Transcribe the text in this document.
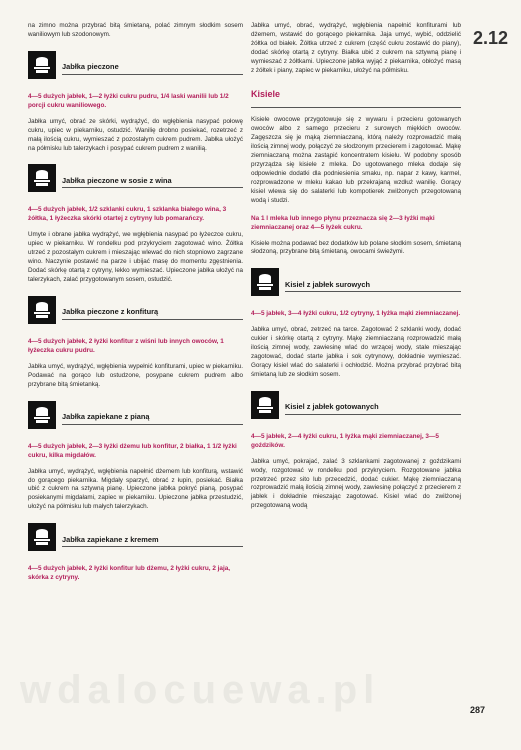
2.12

na zimno można przybrać bitą śmietaną, polać zimnym słodkim sosem waniliowym lub szodonowym.

Jabłka pieczone

4—5 dużych jabłek, 1—2 łyżki cukru pudru, 1/4 laski wanilii lub 1/2 porcji cukru waniliowego.

Jabłka umyć, obrać ze skórki, wydrążyć, do wgłębienia nasypać połowę cukru, upiec w piekarniku, ostudzić. Wanilię drobno posiekać, rozetrzeć z małą ilością cukru, wymieszać z pozostałym cukrem pudrem. Jabłka ułożyć na półmisku lub talerzykach i posypać cukrem pudrem z wanilią.

Jabłka pieczone w sosie z wina

4—5 dużych jabłek, 1/2 szklanki cukru, 1 szklanka białego wina, 3 żółtka, 1 łyżeczka skórki otartej z cytryny lub pomarańczy.

Umyte i obrane jabłka wydrążyć, we wgłębienia nasypać po łyżeczce cukru, upiec w piekarniku. W rondelku pod przykryciem zagotować wino. Żółtka utrzeć z pozostałym cukrem i mieszając wlewać do nich stopniowo zagrzane wino. Naczynie postawić na parze i ubijać masę do momentu zgęstnienia. Dodać skórkę otartą z cytryny, lekko wymieszać. Upieczone jabłka ułożyć na talerzykach, zalać przygotowanym sosem, ostudzić.

Jabłka pieczone z konfiturą

4—5 dużych jabłek, 2 łyżki konfitur z wiśni lub innych owoców, 1 łyżeczka cukru pudru.

Jabłka umyć, wydrążyć, wgłębienia wypełnić konfiturami, upiec w piekarniku. Podawać na gorąco lub ostudzone, posypane cukrem pudrem albo przybrane bitą śmietanką.

Jabłka zapiekane z pianą

4—5 dużych jabłek, 2—3 łyżki dżemu lub konfitur, 2 białka, 1 1/2 łyżki cukru, kilka migdałów.

Jabłka umyć, wydrążyć, wgłębienia napełnić dżemem lub konfiturą, wstawić do gorącego piekarnika. Migdały sparzyć, obrać z łupin, posiekać. Białka ubić z cukrem na sztywną pianę. Upieczone jabłka pokryć pianą, posypać posiekanymi migdałami, zapiec w piekarniku. Upieczone jabłka przestudzić, ułożyć na półmisku lub małych talerzykach.

Jabłka zapiekane z kremem

4—5 dużych jabłek, 2 łyżki konfitur lub dżemu, 2 łyżki cukru, 2 jaja, skórka z cytryny.

Jabłka umyć, obrać, wydrążyć, wgłębienia napełnić konfiturami lub dżemem, wstawić do gorącego piekarnika. Jaja umyć, wybić, oddzielić żółtka od białek. Żółtka utrzeć z cukrem (część cukru zostawić do piany), dodać skórkę otartą z cytryny. Białka ubić z cukrem na sztywną pianę i wymieszać z żółtkami. Upieczone jabłka wyjąć z piekarnika, obłożyć masą z żółtek i piany, zapiec w piekarniku, ułożyć na półmisku.

Kisiele

Kisiele owocowe przygotowuje się z wywaru i przecieru gotowanych owoców albo z samego przecieru z surowych miękkich owoców. Zagęszcza się je mąką ziemniaczaną, którą należy rozprowadzić małą ilością zimnej wody, połączyć ze słodzonym przecierem i zagotować. Mąkę ziemniaczaną można zastąpić koncentratem kisielu. W podobny sposób przyrządza się kisiele z mleka. Do ugotowanego mleka dodaje się odpowiednie dodatki dla podniesienia smaku, np. napar z kawy, karmel, rozprowadzone w mleku kakao lub przekrajaną wzdłuż wanilię. Gorący kisiel wlewa się do salaterki lub kompotierek zwilżonych przegotowaną wodą i studzi.

Na 1 l mleka lub innego płynu przeznacza się 2—3 łyżki mąki ziemniaczanej oraz 4—5 łyżek cukru.

Kisiele można podawać bez dodatków lub polane słodkim sosem, śmietaną słodzoną, przybrane bitą śmietaną, owocami świeżymi.

Kisiel z jabłek surowych

4—5 jabłek, 3—4 łyżki cukru, 1/2 cytryny, 1 łyżka mąki ziemniaczanej.

Jabłka umyć, obrać, zetrzeć na tarce. Zagotować 2 szklanki wody, dodać cukier i skórkę otartą z cytryny. Mąkę ziemniaczaną rozprowadzić małą ilością zimnej wody, zawiesinę wlać do wrzącej wody, stale mieszając zagotować, dodać starte jabłka i sok cytrynowy, dokładnie wymieszać. Gorący kisiel wlać do salaterki i ochłodzić. Można przybrać przybrać bitą śmietaną lub ze słodkim sosem.

Kisiel z jabłek gotowanych

4—5 jabłek, 2—4 łyżki cukru, 1 łyżka mąki ziemniaczanej, 3—5 goździków.

Jabłka umyć, pokrajać, zalać 3 szklankami zagotowanej z goździkami wody, rozgotować w rondelku pod przykryciem. Rozgotowane jabłka przetrzeć przez sito lub przecedzić, dodać cukier. Mąkę ziemniaczaną rozprowadzić małą ilością zimnej wody, zawiesinę połączyć z przecierem z jabłek i dokładnie mieszając zagotować. Kisiel wlać do zwilżonej przegotowaną wodą

wdalocuewa.pl	287
